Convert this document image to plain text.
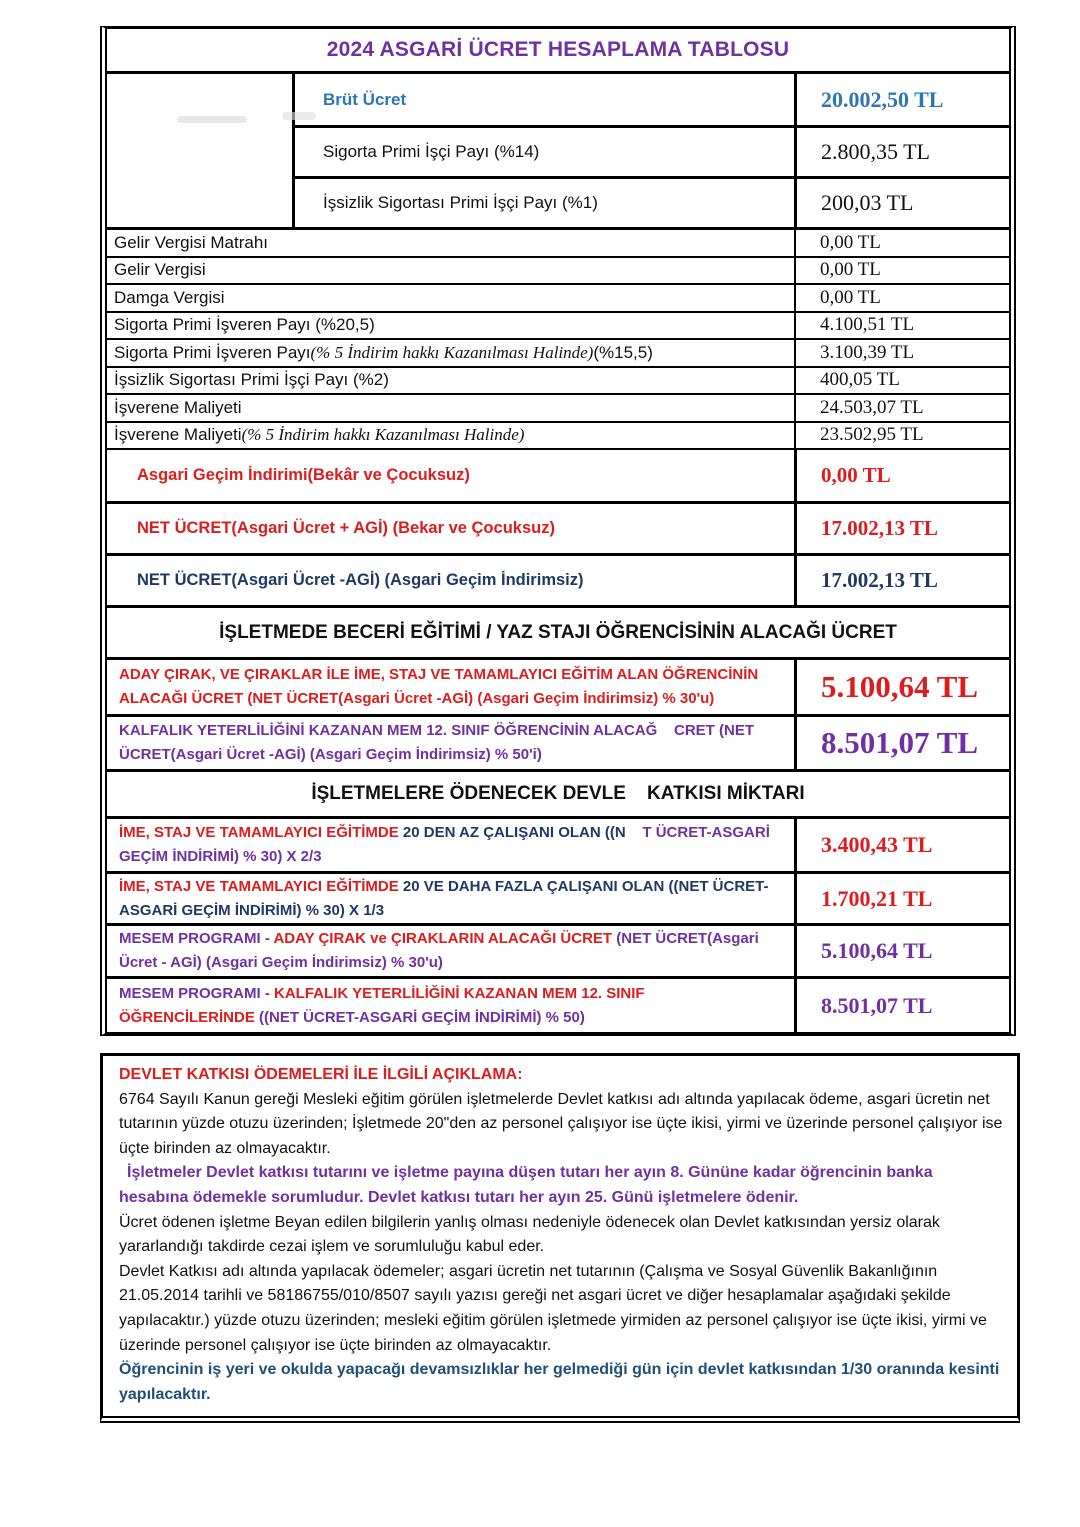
2024 ASGARİ ÜCRET HESAPLAMA TABLOSU
Brüt Ücret	20.002,50 TL
Sigorta Primi İşçi Payı (%14)	2.800,35 TL
İşsizlik Sigortası Primi İşçi Payı (%1)	200,03 TL
Gelir Vergisi Matrahı	0,00 TL
Gelir Vergisi	0,00 TL
Damga Vergisi	0,00 TL
Sigorta Primi İşveren Payı (%20,5)	4.100,51 TL
Sigorta Primi İşveren Payı (% 5 İndirim hakkı Kazanılması Halinde) (%15,5)	3.100,39 TL
İşsizlik Sigortası Primi İşçi Payı (%2)	400,05 TL
İşverene Maliyeti	24.503,07 TL
İşverene Maliyeti (% 5 İndirim hakkı Kazanılması Halinde)	23.502,95 TL
Asgari Geçim İndirimi(Bekâr ve Çocuksuz)	0,00 TL
NET ÜCRET(Asgari Ücret + AGİ) (Bekar ve Çocuksuz)	17.002,13 TL
NET ÜCRET(Asgari Ücret -AGİ) (Asgari Geçim İndirimsiz)	17.002,13 TL
İŞLETMEDE BECERİ EĞİTİMİ / YAZ STAJI ÖĞRENCİSİNİN ALACAĞI ÜCRET
ADAY ÇIRAK, VE ÇIRAKLAR İLE İME, STAJ VE TAMAMLAYICI EĞİTİM ALAN ÖĞRENCİNİN ALACAĞI ÜCRET (NET ÜCRET(Asgari Ücret -AGİ) (Asgari Geçim İndirimsiz) % 30'u)	5.100,64 TL
KALFALIK YETERLİLİĞİNİ KAZANAN MEM 12. SINIF ÖĞRENCİNİN ALACAĞ    CRET (NET ÜCRET(Asgari Ücret -AGİ) (Asgari Geçim İndirimsiz) % 50'i)	8.501,07 TL
İŞLETMELERE ÖDENECEK DEVLE    KATKISI MİKTARI
İME, STAJ VE TAMAMLAYICI EĞİTİMDE 20 DEN AZ ÇALIŞANI OLAN ((N    T ÜCRET-ASGARİ GEÇİM İNDİRİMİ) % 30) X 2/3	3.400,43 TL
İME, STAJ VE TAMAMLAYICI EĞİTİMDE 20 VE DAHA FAZLA ÇALIŞANI OLAN ((NET ÜCRET-ASGARİ GEÇİM İNDİRİMİ) % 30) X 1/3	1.700,21 TL
MESEM PROGRAMI - ADAY ÇIRAK ve ÇIRAKLARIN ALACAĞI ÜCRET (NET ÜCRET(Asgari Ücret - AGİ) (Asgari Geçim İndirimsiz) % 30'u)	5.100,64 TL
MESEM PROGRAMI - KALFALIK YETERLİLİĞİNİ KAZANAN MEM 12. SINIF ÖĞRENCİLERİNDE ((NET ÜCRET-ASGARİ GEÇİM İNDİRİMİ) % 50)	8.501,07 TL

DEVLET KATKISI ÖDEMELERİ İLE İLGİLİ AÇIKLAMA:

6764 Sayılı Kanun gereği Mesleki eğitim görülen işletmelerde Devlet katkısı adı altında yapılacak ödeme, asgari ücretin net tutarının yüzde otuzu üzerinden; İşletmede 20"den az personel çalışıyor ise üçte ikisi, yirmi ve üzerinde personel çalışıyor ise üçte birinden az olmayacaktır.

İşletmeler Devlet katkısı tutarını ve işletme payına düşen tutarı her ayın 8. Gününe kadar öğrencinin banka hesabına ödemekle sorumludur. Devlet katkısı tutarı her ayın 25. Günü işletmelere ödenir.

Ücret ödenen işletme Beyan edilen bilgilerin yanlış olması nedeniyle ödenecek olan Devlet katkısından yersiz olarak yararlandığı takdirde cezai işlem ve sorumluluğu kabul eder.

Devlet Katkısı adı altında yapılacak ödemeler; asgari ücretin net tutarının (Çalışma ve Sosyal Güvenlik Bakanlığının 21.05.2014 tarihli ve 58186755/010/8507 sayılı yazısı gereği net asgari ücret ve diğer hesaplamalar aşağıdaki şekilde yapılacaktır.) yüzde otuzu üzerinden; mesleki eğitim görülen işletmede yirmiden az personel çalışıyor ise üçte ikisi, yirmi ve üzerinde personel çalışıyor ise üçte birinden az olmayacaktır.

Öğrencinin iş yeri ve okulda yapacağı devamsızlıklar her gelmediği gün için devlet katkısından 1/30 oranında kesinti yapılacaktır.
